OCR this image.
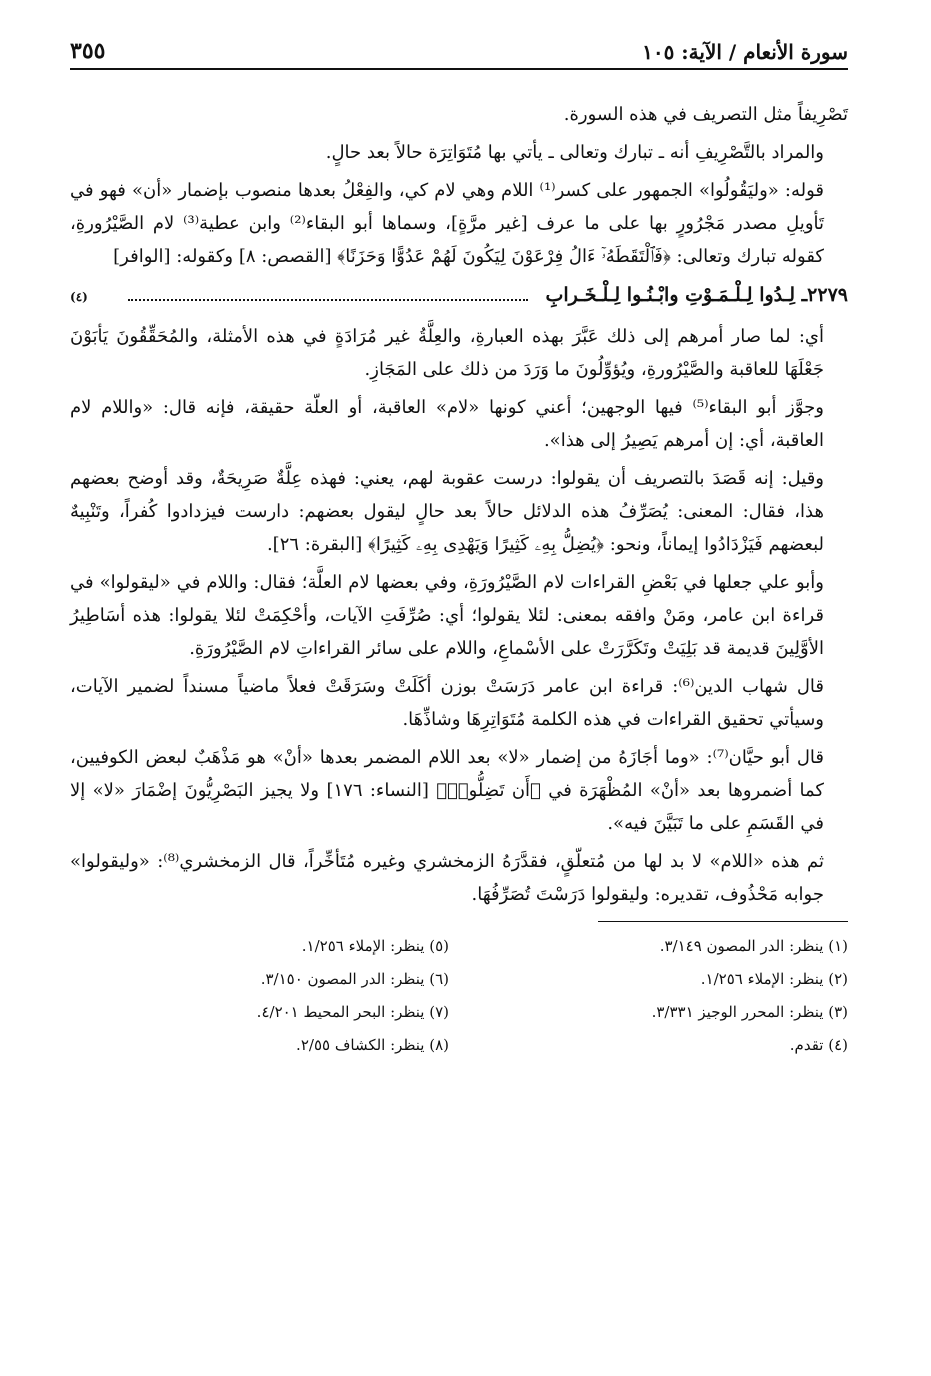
سورة الأنعام / الآية: ١٠٥
٣٥٥

تَصْرِيفاً مثل التصريف في هذه السورة.

والمراد بالتَّصْرِيفِ أنه ـ تبارك وتعالى ـ يأتي بها مُتَوَاتِرَة حالاً بعد حالٍ.

قوله: «وليَقُولُوا» الجمهور على كسر⁽¹⁾ اللام وهي لام كي، والفِعْلُ بعدها منصوب بإضمار «أن» فهو في تَأويلِ مصدر مَجْرُورٍ بها على ما عرف [غير مرَّةٍ]، وسماها أبو البقاء⁽²⁾ وابن عطية⁽³⁾ لام الصَّيْرُورةِ، كقوله تبارك وتعالى: ﴿فَٱلْتَقَطَهُۥٓ ءَالُ فِرْعَوْنَ لِيَكُونَ لَهُمْ عَدُوًّا وَحَزَنًا﴾ [القصص: ٨] وكقوله: [الوافر]

٢٢٧٩
ـ لِـدُوا لِـلْـمَـوْتِ وابْـنُـوا لِـلْـخَـرابِ
(٤)

أي: لما صار أمرهم إلى ذلك عَبَّرَ بهذه العبارةِ، والعِلَّةُ غير مُرَادَةٍ في هذه الأمثلة، والمُحَقِّقُونَ يَأبَوْنَ جَعْلَهَا للعاقبة والصَّيْرُورةِ، ويُؤوِّلُونَ ما وَرَدَ من ذلك على المَجَازِ.

وجوَّز أبو البقاء⁽⁵⁾ فيها الوجهين؛ أعني كونها «لام» العاقبة، أو العلّة حقيقة، فإنه قال: «واللام لام العاقبة، أي: إن أمرهم يَصِيرُ إلى هذا».

وقيل: إنه قَصَدَ بالتصريف أن يقولوا: درست عقوبة لهم، يعني: فهذه عِلَّةٌ صَرِيحَةٌ، وقد أوضح بعضهم هذا، فقال: المعنى: يُصَرِّفُ هذه الدلائل حالاً بعد حالٍ ليقول بعضهم: دارست فيزدادوا كُفراً، وتَنْبِيهٌ لبعضهم فَيَزْدَادُوا إيماناً، ونحو: ﴿يُضِلُّ بِهِۦ كَثِيرًا وَيَهْدِى بِهِۦ كَثِيرًا﴾ [البقرة: ٢٦].

وأبو علي جعلها في بَعْضِ القراءات لام الصَّيْرُورَةِ، وفي بعضها لام العلَّة؛ فقال: واللام في «ليقولوا» في قراءة ابن عامر، ومَنْ وافقه بمعنى: لئلا يقولوا؛ أي: صُرِّفَتِ الآيات، وأحْكِمَتْ لئلا يقولوا: هذه أسَاطِيرُ الأوَّلِينَ قديمة قد بَلِيَتْ وتَكَرَّرَتْ على الأسْماعِ، واللام على سائر القراءاتِ لام الصَّيْرُورَةِ.

قال شهاب الدين⁽⁶⁾: قراءة ابن عامر دَرَسَتْ بوزن أكَلَتْ وسَرَقَتْ فعلاً ماضياً مسنداً لضمير الآيات، وسيأتي تحقيق القراءات في هذه الكلمة مُتَوَاتِرِهَا وشاذِّهَا.

قال أبو حيَّان⁽⁷⁾: «وما أجَازَهُ من إضمار «لا» بعد اللام المضمر بعدها «أنْ» هو مَذْهَبٌ لبعض الكوفيين، كما أضمروها بعد «أنْ» المُظْهَرَة في ﴿أَن تَضِلُّوا۟﴾ [النساء: ١٧٦] ولا يجيز البَصْرِيُّونَ إضْمَارَ «لا» إلا في القَسَمِ على ما تَبَيَّنَ فيه».

ثم هذه «اللام» لا بد لها من مُتعلّقٍ، فقدَّرَهُ الزمخشري وغيره مُتَأخِّراً، قال الزمخشري⁽⁸⁾: «وليقولوا» جوابه مَحْذُوف، تقديره: وليقولوا دَرَسْتَ تُصَرِّفُهَا.

(١) ينظر: الدر المصون ٣/١٤٩.
(٢) ينظر: الإملاء ١/٢٥٦.
(٣) ينظر: المحرر الوجيز ٣/٣٣١.
(٤) تقدم.
(٥) ينظر: الإملاء ١/٢٥٦.
(٦) ينظر: الدر المصون ٣/١٥٠.
(٧) ينظر: البحر المحيط ٤/٢٠١.
(٨) ينظر: الكشاف ٢/٥٥.
